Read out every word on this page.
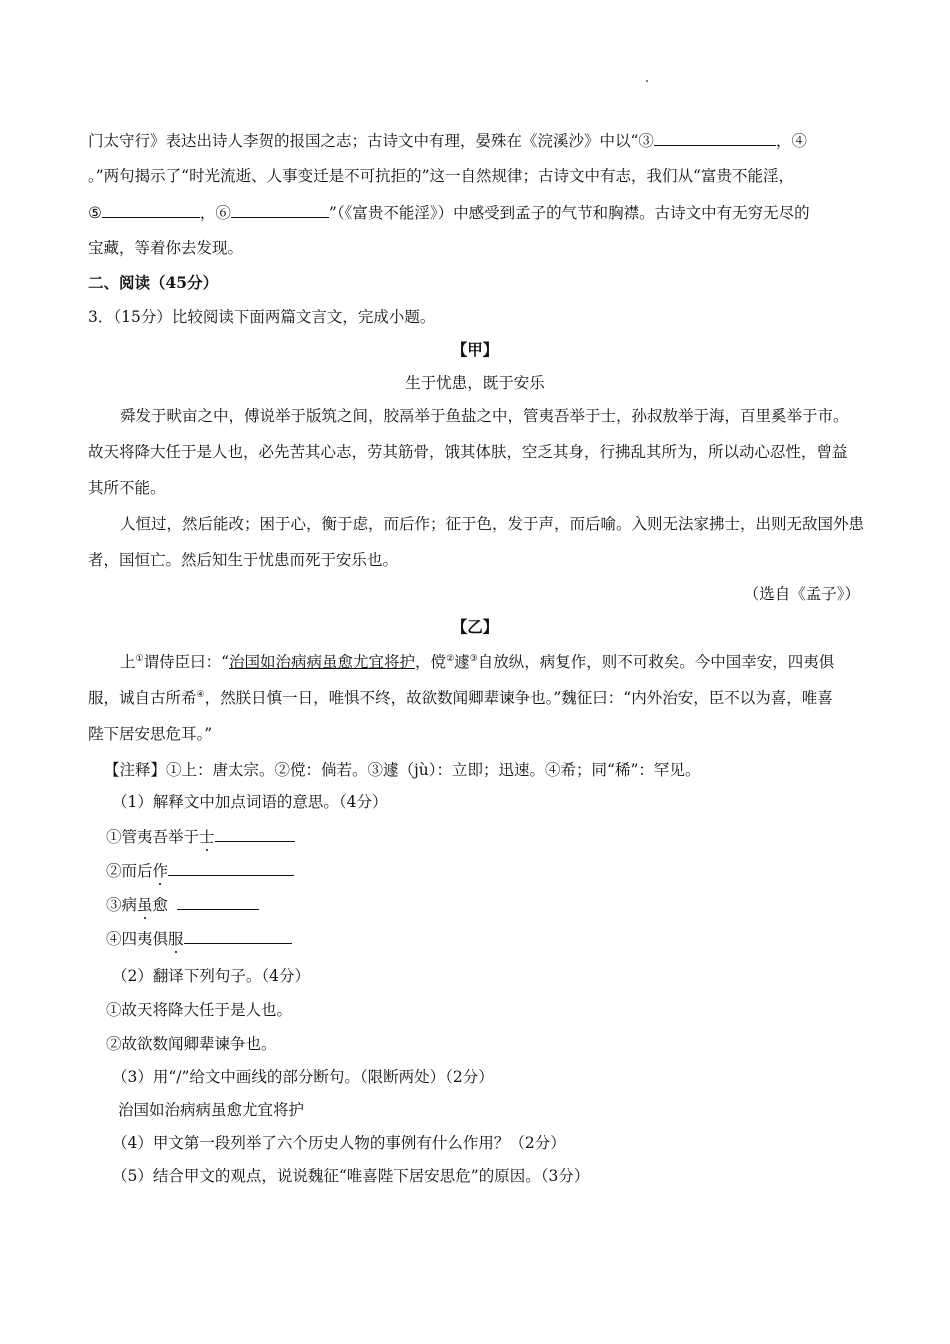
门太守行》表达出诗人李贺的报国之志；古诗文中有理，晏殊在《浣溪沙》中以“③	，④
。”两句揭示了“时光流逝、人事变迁是不可抗拒的”这一自然规律；古诗文中有志，我们从“富贵不能淫，
⑤	，⑥	”（《富贵不能淫》）中感受到孟子的气节和胸襟。古诗文中有无穷无尽的
宝藏，等着你去发现。
二、阅读（45分）
3．（15分）比较阅读下面两篇文言文，完成小题。
【甲】
生于忧患，既于安乐
舜发于畎亩之中，傅说举于版筑之间，胶鬲举于鱼盐之中，管夷吾举于士，孙叔敖举于海，百里奚举于市。
故天将降大任于是人也，必先苦其心志，劳其筋骨，饿其体肤，空乏其身，行拂乱其所为，所以动心忍性，曾益
其所不能。
人恒过，然后能改；困于心，衡于虑，而后作；征于色，发于声，而后喻。入则无法家拂士，出则无敌国外患
者，国恒亡。然后知生于忧患而死于安乐也。
（选自《孟子》）
【乙】
上①谓侍臣曰：“治国如治病病虽愈尤宜将护，傥②遽③自放纵，病复作，则不可救矣。今中国幸安，四夷俱
服，诚自古所希④，然朕日慎一日，唯惧不终，故欲数闻卿辈谏争也。”魏征曰：“内外治安，臣不以为喜，唯喜
陛下居安思危耳。”
【注释】①上：唐太宗。②傥：倘若。③遽（jù）：立即；迅速。④希；同“稀”：罕见。
（1）解释文中加点词语的意思。（4分）
①管夷吾举于士
②而后作
③病虽愈
④四夷俱服
（2）翻译下列句子。（4分）
①故天将降大任于是人也。
②故欲数闻卿辈谏争也。
（3）用“/”给文中画线的部分断句。（限断两处）（2分）
治国如治病病虽愈尤宜将护
（4）甲文第一段列举了六个历史人物的事例有什么作用？（2分）
（5）结合甲文的观点，说说魏征“唯喜陛下居安思危”的原因。（3分）
